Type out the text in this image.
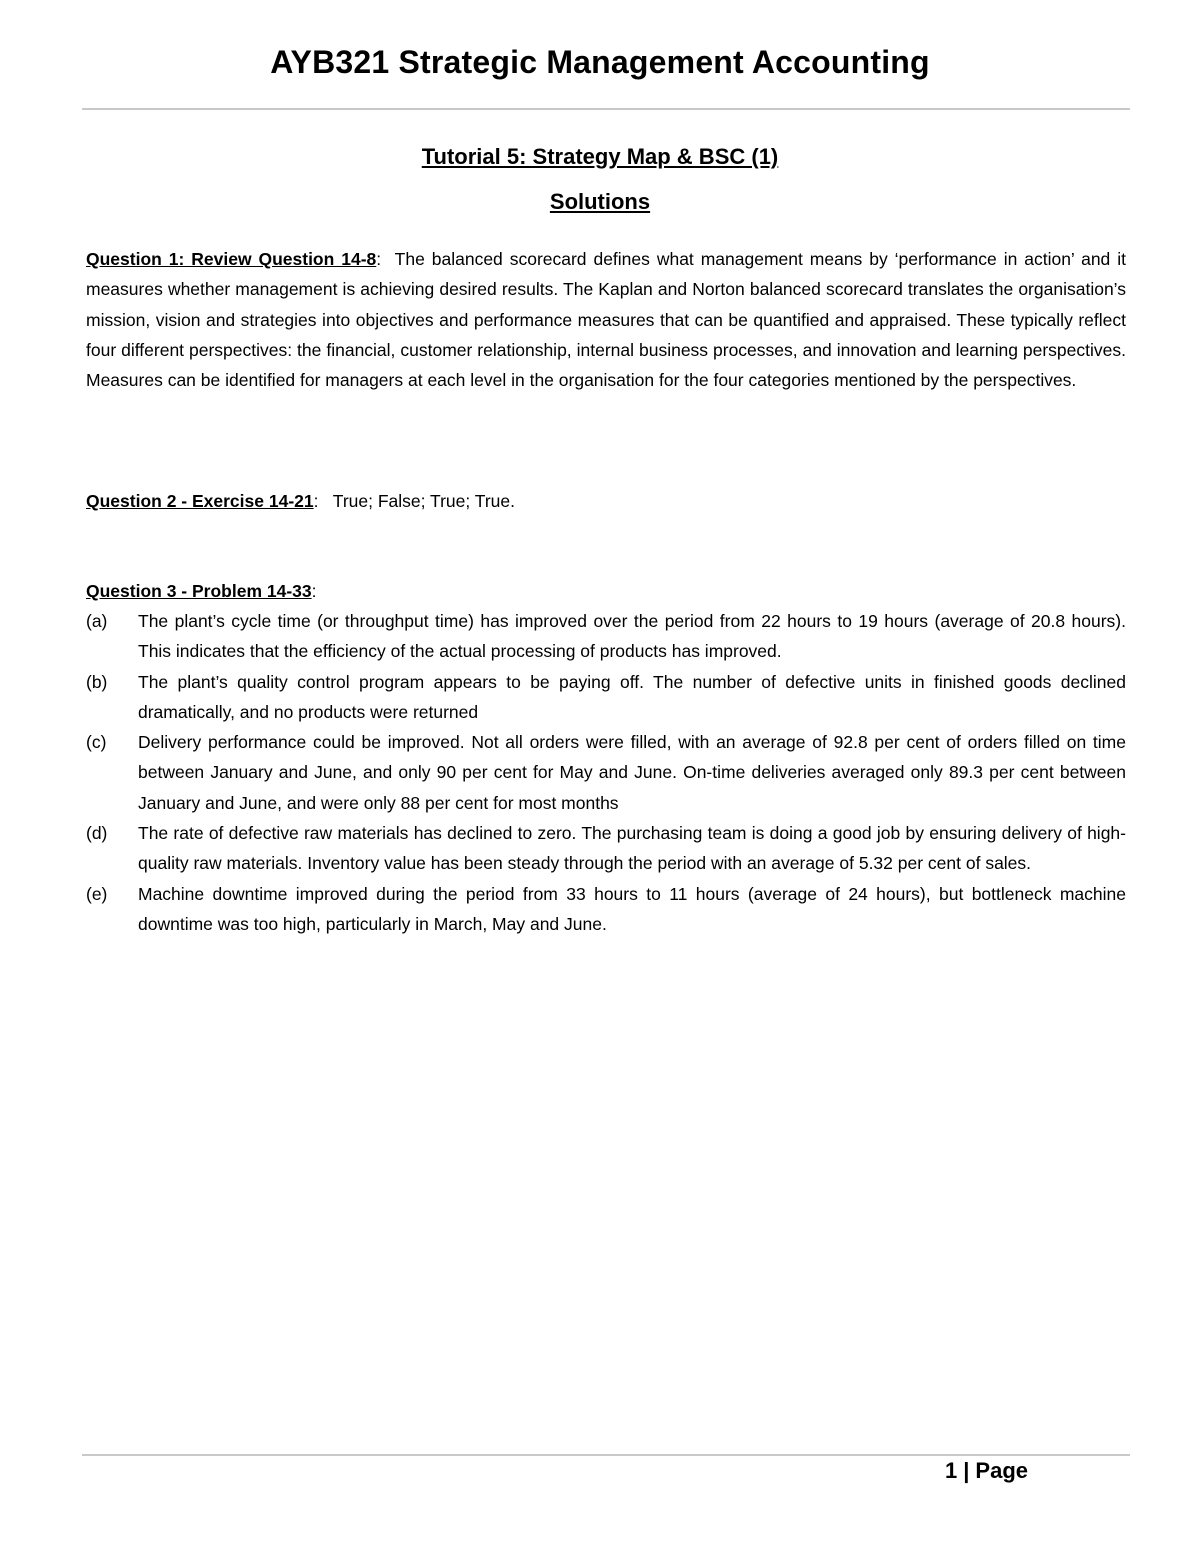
AYB321 Strategic Management Accounting
Tutorial 5: Strategy Map & BSC (1)
Solutions
Question 1: Review Question 14-8: The balanced scorecard defines what management means by ‘performance in action’ and it measures whether management is achieving desired results. The Kaplan and Norton balanced scorecard translates the organisation’s mission, vision and strategies into objectives and performance measures that can be quantified and appraised. These typically reflect four different perspectives: the financial, customer relationship, internal business processes, and innovation and learning perspectives. Measures can be identified for managers at each level in the organisation for the four categories mentioned by the perspectives.
Question 2 - Exercise 14-21: True; False; True; True.
Question 3 - Problem 14-33:
(a)	The plant’s cycle time (or throughput time) has improved over the period from 22 hours to 19 hours (average of 20.8 hours). This indicates that the efficiency of the actual processing of products has improved.
(b)	The plant’s quality control program appears to be paying off. The number of defective units in finished goods declined dramatically, and no products were returned
(c)	Delivery performance could be improved. Not all orders were filled, with an average of 92.8 per cent of orders filled on time between January and June, and only 90 per cent for May and June. On-time deliveries averaged only 89.3 per cent between January and June, and were only 88 per cent for most months
(d)	The rate of defective raw materials has declined to zero. The purchasing team is doing a good job by ensuring delivery of high-quality raw materials. Inventory value has been steady through the period with an average of 5.32 per cent of sales.
(e)	Machine downtime improved during the period from 33 hours to 11 hours (average of 24 hours), but bottleneck machine downtime was too high, particularly in March, May and June.
1 | Page
